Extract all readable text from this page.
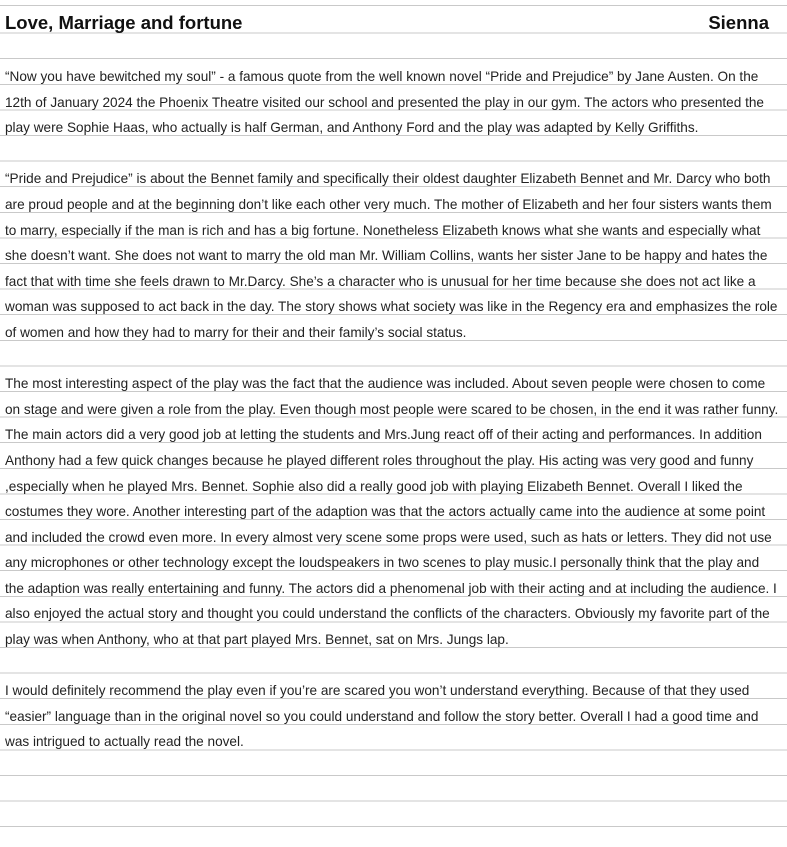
Love, Marriage and fortune	Sienna

“Now you have bewitched my soul” - a famous quote from the well known novel “Pride and Prejudice” by Jane Austen. On the 12th of January 2024 the Phoenix Theatre visited our school and presented the play in our gym. The actors who presented the play were Sophie Haas, who actually is half German, and Anthony Ford and the play was adapted by Kelly Griffiths.

“Pride and Prejudice” is about the Bennet family and specifically their oldest daughter Elizabeth Bennet and Mr. Darcy who both are proud people and at the beginning don’t like each other very much. The mother of Elizabeth and her four sisters wants them to marry, especially if the man is rich and has a big fortune. Nonetheless Elizabeth knows what she wants and especially what she doesn’t want. She does not want to marry the old man Mr. William Collins, wants her sister Jane to be happy and hates the fact that with time she feels drawn to Mr.Darcy. She’s a character who is unusual for her time because she does not act like a woman was supposed to act back in the day. The story shows what society was like in the Regency era and emphasizes the role of women and how they had to marry for their and their family’s social status.

The most interesting aspect of the play was the fact that the audience was included. About seven people were chosen to come on stage and were given a role from the play. Even though most people were scared to be chosen, in the end it was rather funny. The main actors did a very good job at letting the students and Mrs.Jung react off of their acting and performances. In addition Anthony had a few quick changes because he played different roles throughout the play. His acting was very good and funny ,especially when he played Mrs. Bennet. Sophie also did a really good job with playing Elizabeth Bennet. Overall I liked the costumes they wore. Another interesting part of the adaption was that the actors actually came into the audience at some point and included the crowd even more. In every almost very scene some props were used, such as hats or letters. They did not use any microphones or other technology except the loudspeakers in two scenes to play music.I personally think that the play and the adaption was really entertaining and funny. The actors did a phenomenal job with their acting and at including the audience. I also enjoyed the actual story and thought you could understand the conflicts of the characters. Obviously my favorite part of the play was when Anthony, who at that part played Mrs. Bennet, sat on Mrs. Jungs lap.

I would definitely recommend the play even if you’re are scared you won’t understand everything. Because of that they used “easier” language than in the original novel so you could understand and follow the story better. Overall I had a good time and was intrigued to actually read the novel.
